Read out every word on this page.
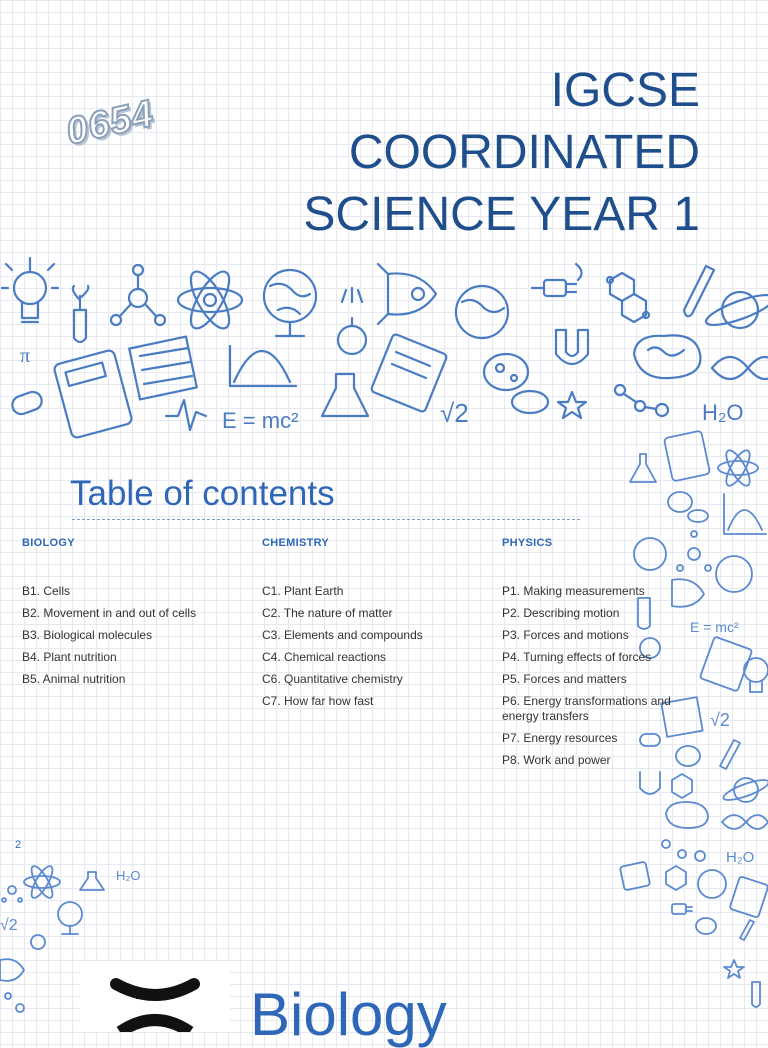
0654
IGCSE
COORDINATED
SCIENCE YEAR 1
E = mc²	√2	H₂O
π
E = mc²
√2
H₂O
H₂O
√2
Table of contents
BIOLOGY
B1. Cells
B2. Movement in and out of cells
B3. Biological molecules
B4. Plant nutrition
B5. Animal nutrition
CHEMISTRY
C1. Plant Earth
C2. The nature of matter
C3. Elements and compounds
C4. Chemical reactions
C6. Quantitative chemistry
C7. How far how fast
PHYSICS
P1. Making measurements
P2. Describing motion
P3. Forces and motions
P4. Turning effects of forces
P5. Forces and matters
P6. Energy transformations and energy transfers
P7. Energy resources
P8. Work and power
2
Biology
